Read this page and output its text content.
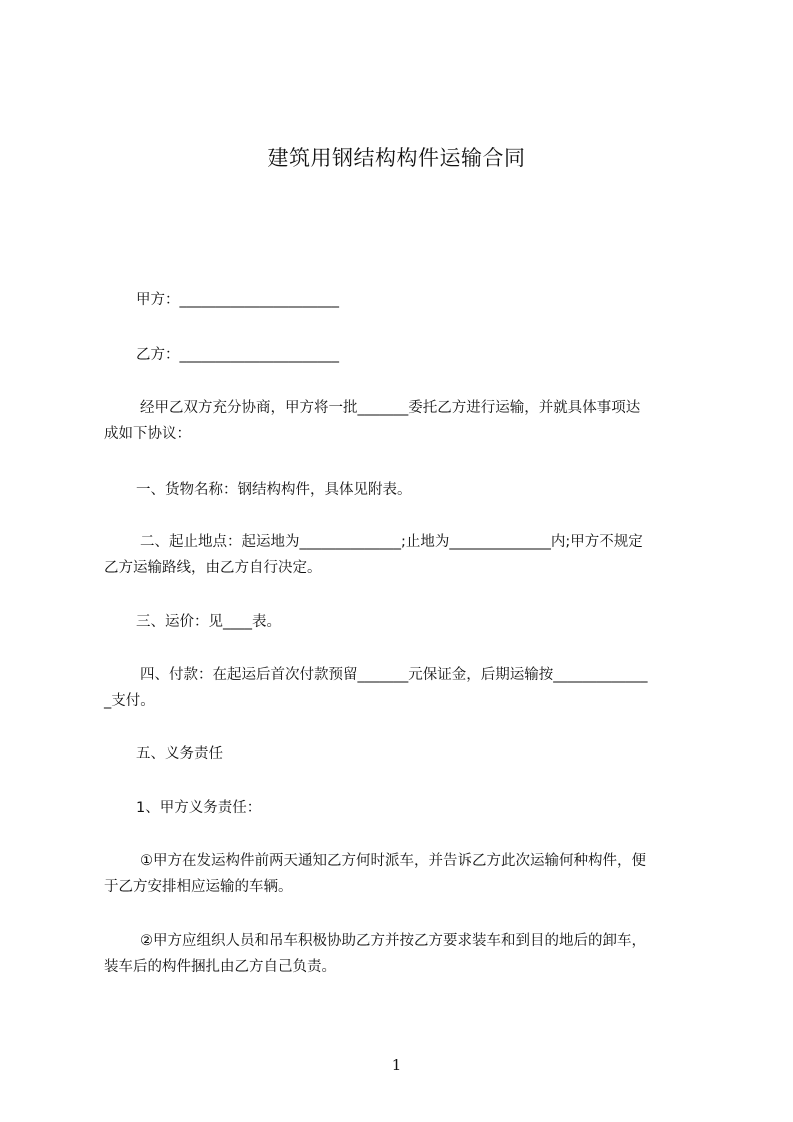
建筑用钢结构构件运输合同
甲方：______________________
乙方：______________________
经甲乙双方充分协商，甲方将一批_______委托乙方进行运输，并就具体事项达
成如下协议：
一、货物名称：钢结构构件，具体见附表。
二、起止地点：起运地为______________;止地为______________内;甲方不规定
乙方运输路线，由乙方自行决定。
三、运价：见____表。
四、付款：在起运后首次付款预留_______元保证金，后期运输按_____________
_支付。
五、义务责任
1、甲方义务责任：
①甲方在发运构件前两天通知乙方何时派车，并告诉乙方此次运输何种构件，便
于乙方安排相应运输的车辆。
②甲方应组织人员和吊车积极协助乙方并按乙方要求装车和到目的地后的卸车，
装车后的构件捆扎由乙方自己负责。
1
